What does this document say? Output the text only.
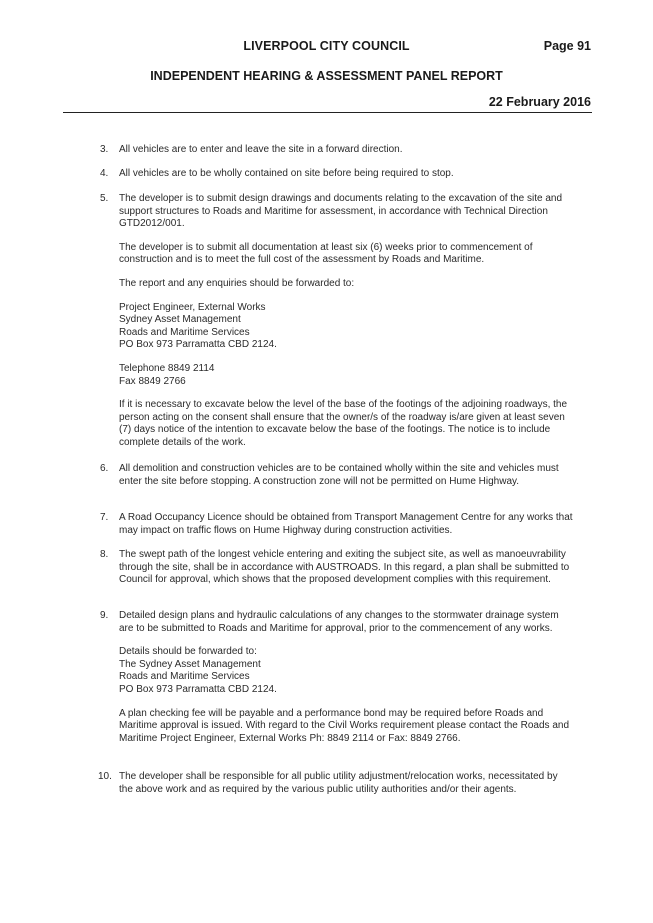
LIVERPOOL CITY COUNCIL	Page 91
INDEPENDENT HEARING & ASSESSMENT PANEL REPORT
22 February 2016
3.	All vehicles are to enter and leave the site in a forward direction.

4.	All vehicles are to be wholly contained on site before being required to stop.

5.	The developer is to submit design drawings and documents relating to the excavation of the site and support structures to Roads and Maritime for assessment, in accordance with Technical Direction GTD2012/001.

The developer is to submit all documentation at least six (6) weeks prior to commencement of construction and is to meet the full cost of the assessment by Roads and Maritime.

The report and any enquiries should be forwarded to:

Project Engineer, External Works

Sydney Asset Management

Roads and Maritime Services

PO Box 973 Parramatta CBD 2124.

Telephone 8849 2114

Fax 8849 2766

If it is necessary to excavate below the level of the base of the footings of the adjoining roadways, the person acting on the consent shall ensure that the owner/s of the roadway is/are given at least seven (7) days notice of the intention to excavate below the base of the footings. The notice is to include complete details of the work.

6.	All demolition and construction vehicles are to be contained wholly within the site and vehicles must enter the site before stopping. A construction zone will not be permitted on Hume Highway.

7.	A Road Occupancy Licence should be obtained from Transport Management Centre for any works that may impact on traffic flows on Hume Highway during construction activities.

8.	The swept path of the longest vehicle entering and exiting the subject site, as well as manoeuvrability through the site, shall be in accordance with AUSTROADS. In this regard, a plan shall be submitted to Council for approval, which shows that the proposed development complies with this requirement.

9.	Detailed design plans and hydraulic calculations of any changes to the stormwater drainage system are to be submitted to Roads and Maritime for approval, prior to the commencement of any works.

Details should be forwarded to:

The Sydney Asset Management

Roads and Maritime Services

PO Box 973 Parramatta CBD 2124.

A plan checking fee will be payable and a performance bond may be required before Roads and Maritime approval is issued. With regard to the Civil Works requirement please contact the Roads and Maritime Project Engineer, External Works Ph: 8849 2114 or Fax: 8849 2766.

10. The developer shall be responsible for all public utility adjustment/relocation works, necessitated by the above work and as required by the various public utility authorities and/or their agents.
